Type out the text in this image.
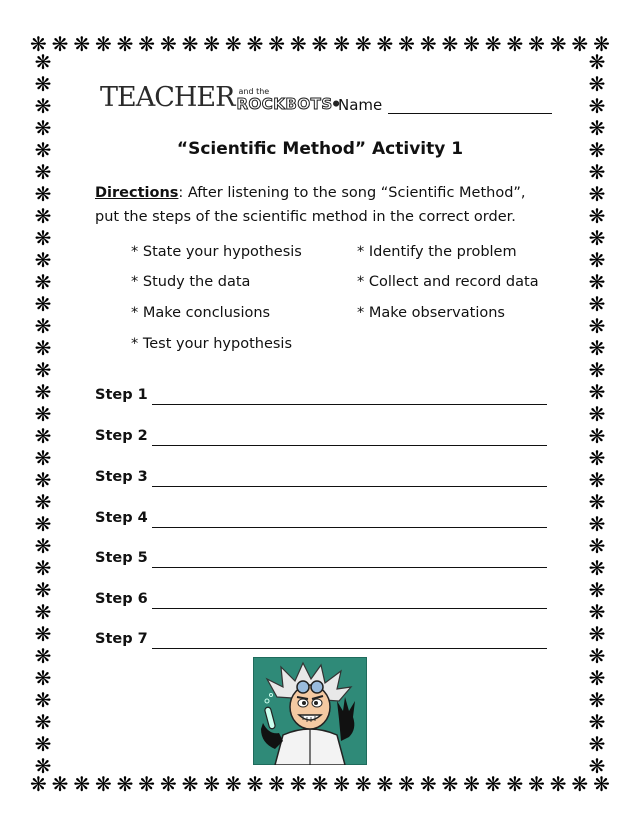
❋ ❋ ❋ ❋ ❋ ❋ ❋ ❋ ❋ ❋ ❋ ❋ ❋ ❋ ❋ ❋ ❋ ❋ ❋ ❋ ❋ ❋ ❋ ❋ ❋ ❋ ❋
❋ ❋ ❋ ❋ ❋ ❋ ❋ ❋ ❋ ❋ ❋ ❋ ❋ ❋ ❋ ❋ ❋ ❋ ❋ ❋ ❋ ❋ ❋ ❋ ❋ ❋ ❋
❋
❋
❋
❋
❋
❋
❋
❋
❋
❋
❋
❋
❋
❋
❋
❋
❋
❋
❋
❋
❋
❋
❋
❋
❋
❋
❋
❋
❋
❋
❋
❋
❋
❋
❋
❋
❋
❋
❋
❋
❋
❋
❋
❋
❋
❋
❋
❋
❋
❋
❋
❋
❋
❋
❋
❋
❋
❋
❋
❋
❋
❋
❋
❋
❋
❋
TEACHER and the
ROCKBOTS®
Name
“Scientific Method” Activity 1
Directions: After listening to the song “Scientific Method”, put the steps of the scientific method in the correct order.
* State your hypothesis	* Identify the problem
* Study the data	* Collect and record data
* Make conclusions	* Make observations
* Test your hypothesis
Step 1
Step 2
Step 3
Step 4
Step 5
Step 6
Step 7
